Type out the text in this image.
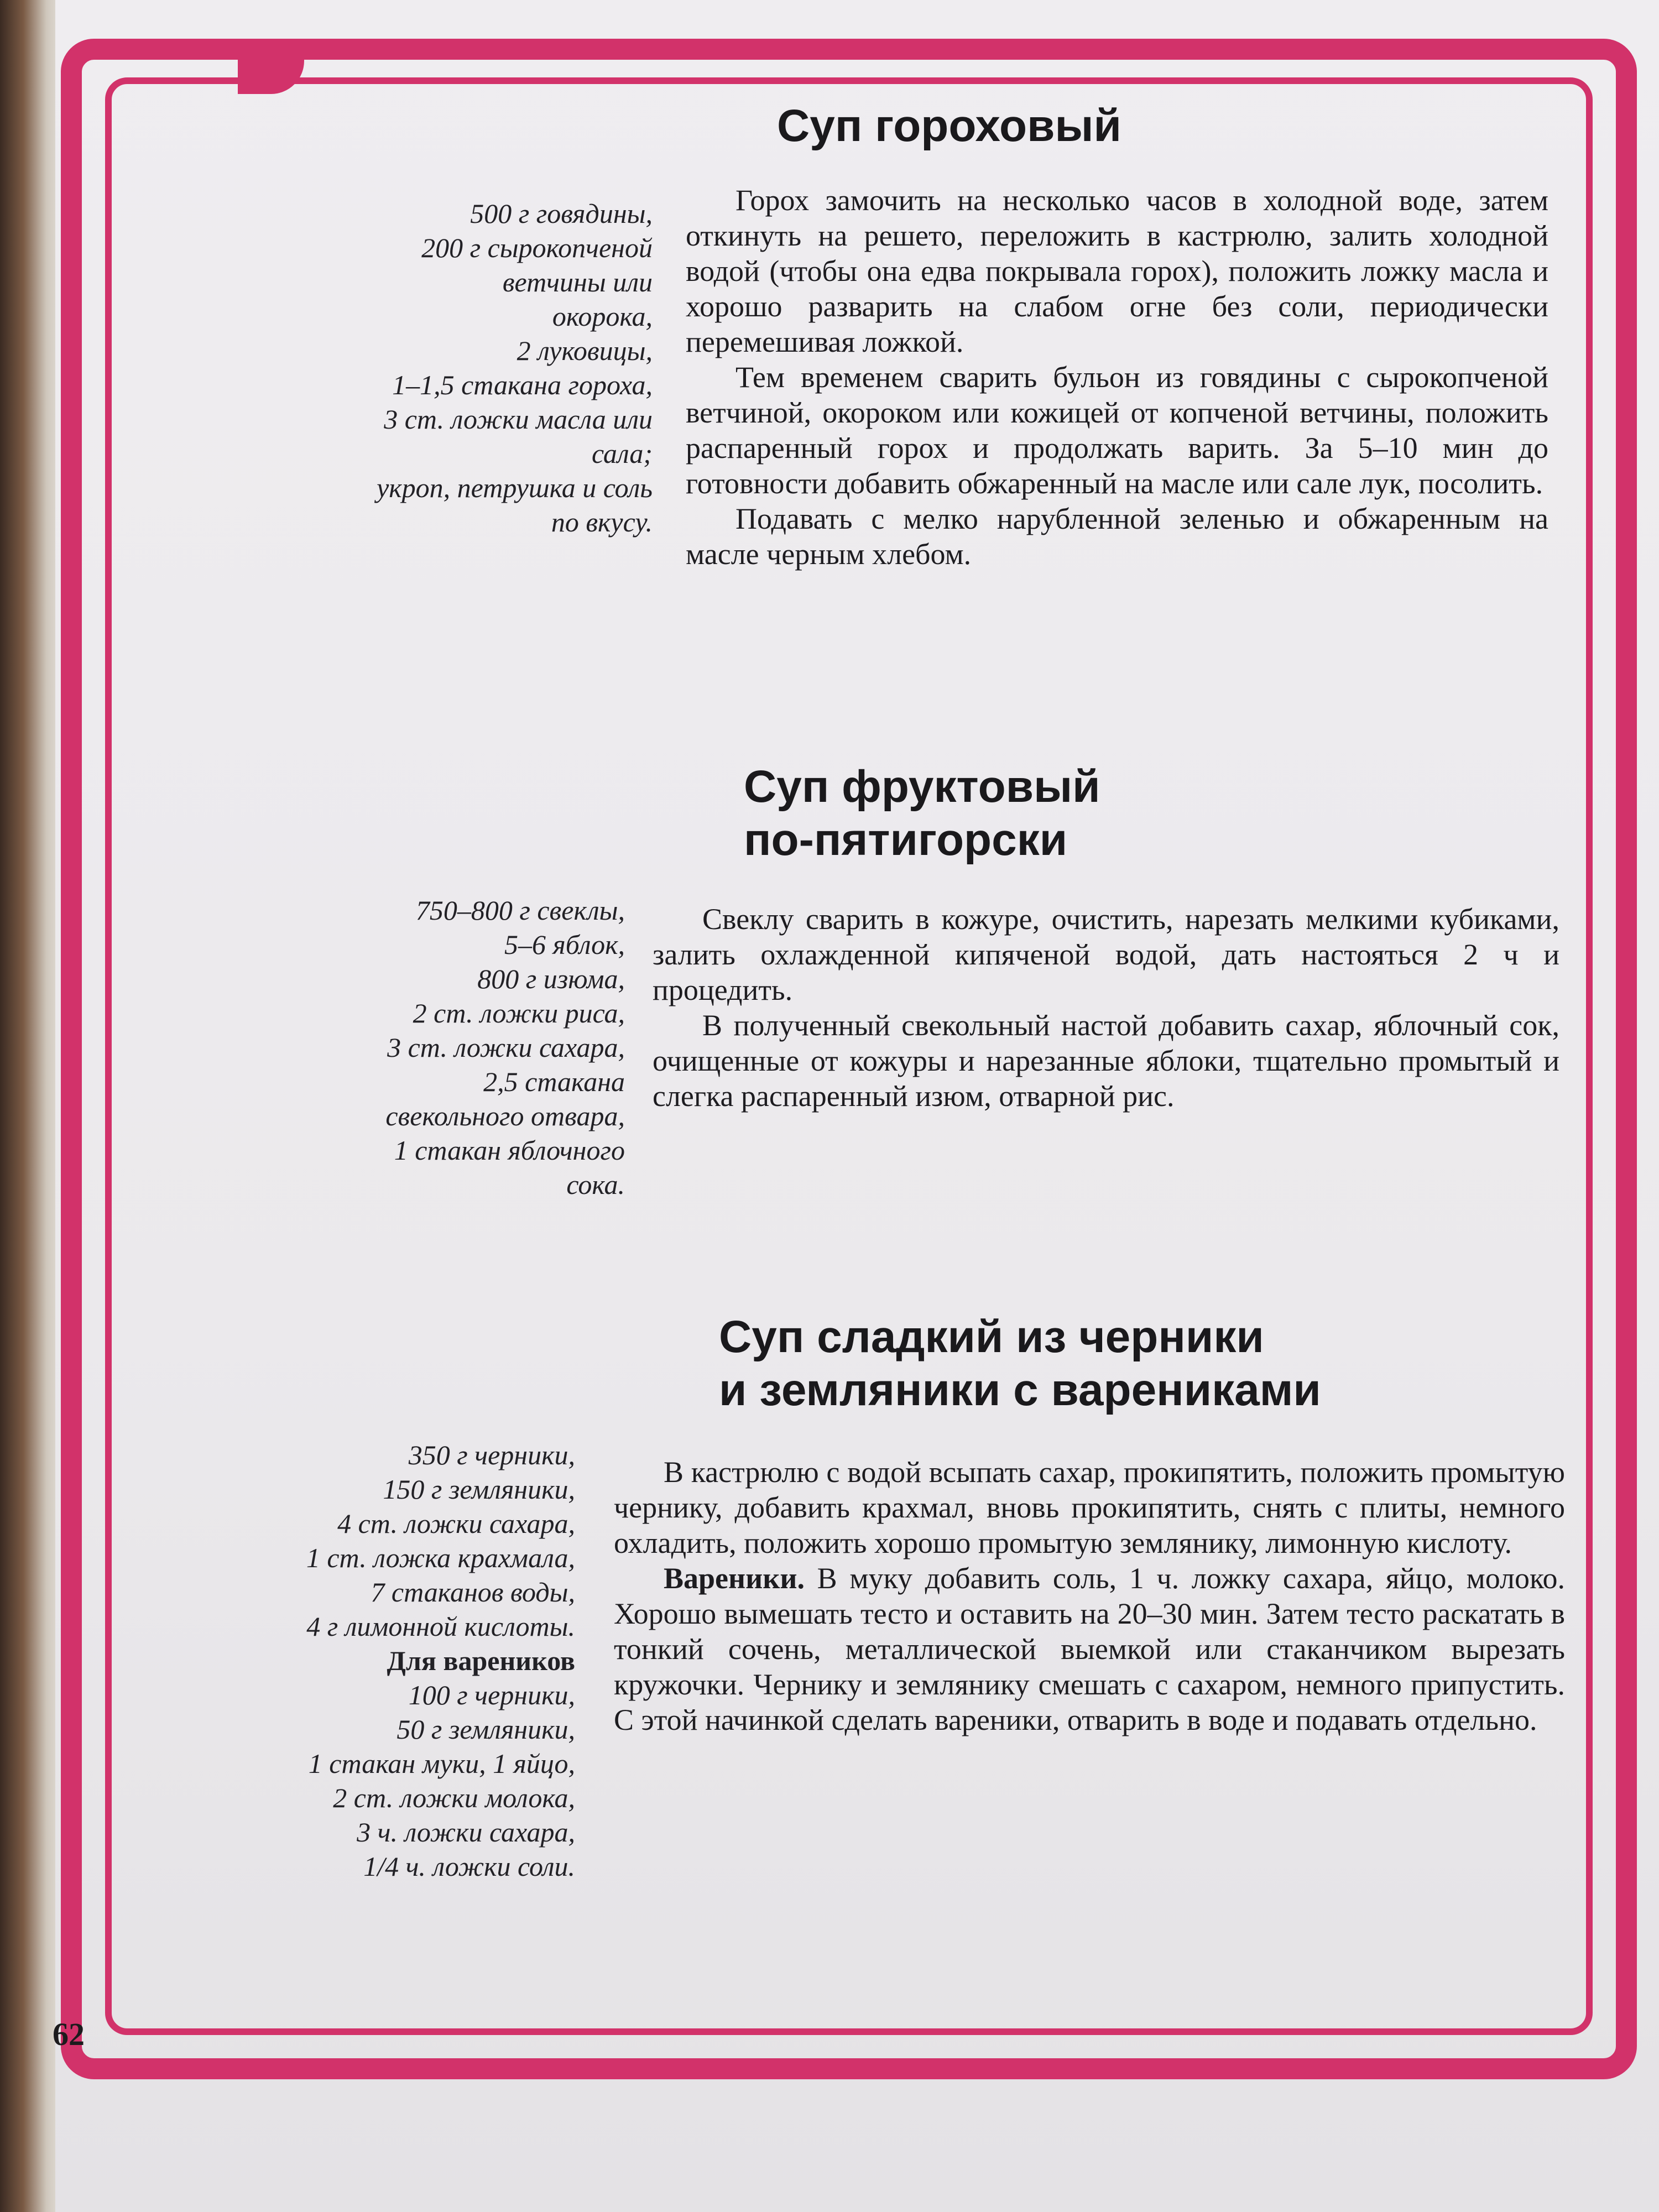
Суп гороховый
500 г говядины,
200 г сырокопченой
ветчины или
окорока,
2 луковицы,
1–1,5 стакана гороха,
3 ст. ложки масла или
сала;
укроп, петрушка и соль
по вкусу.

Горох замочить на несколько часов в холодной воде, затем откинуть на решето, переложить в кастрюлю, залить холодной водой (чтобы она едва покрывала горох), положить ложку масла и хорошо разварить на слабом огне без соли, периодически перемешивая ложкой.

Тем временем сварить бульон из говядины с сырокопченой ветчиной, окороком или кожицей от копченой ветчины, положить распаренный горох и продолжать варить. За 5–10 мин до готовности добавить обжаренный на масле или сале лук, посолить.

Подавать с мелко нарубленной зеленью и обжаренным на масле черным хлебом.

Суп фруктовый
по-пятигорски
750–800 г свеклы,
5–6 яблок,
800 г изюма,
2 ст. ложки риса,
3 ст. ложки сахара,
2,5 стакана
свекольного отвара,
1 стакан яблочного
сока.

Свеклу сварить в кожуре, очистить, нарезать мелкими кубиками, залить охлажденной кипяченой водой, дать настояться 2 ч и процедить.

В полученный свекольный настой добавить сахар, яблочный сок, очищенные от кожуры и нарезанные яблоки, тщательно промытый и слегка распаренный изюм, отварной рис.

Суп сладкий из черники
и земляники с варениками
350 г черники,
150 г земляники,
4 ст. ложки сахара,
1 ст. ложка крахмала,
7 стаканов воды,
4 г лимонной кислоты.
Для вареников
100 г черники,
50 г земляники,
1 стакан муки, 1 яйцо,
2 ст. ложки молока,
3 ч. ложки сахара,
1/4 ч. ложки соли.

В кастрюлю с водой всыпать сахар, прокипятить, положить промытую чернику, добавить крахмал, вновь прокипятить, снять с плиты, немного охладить, положить хорошо промытую землянику, лимонную кислоту.

Вареники. В муку добавить соль, 1 ч. ложку сахара, яйцо, молоко. Хорошо вымешать тесто и оставить на 20–30 мин. Затем тесто раскатать в тонкий сочень, металлической выемкой или стаканчиком вырезать кружочки. Чернику и землянику смешать с сахаром, немного припустить. С этой начинкой сделать вареники, отварить в воде и подавать отдельно.

62
